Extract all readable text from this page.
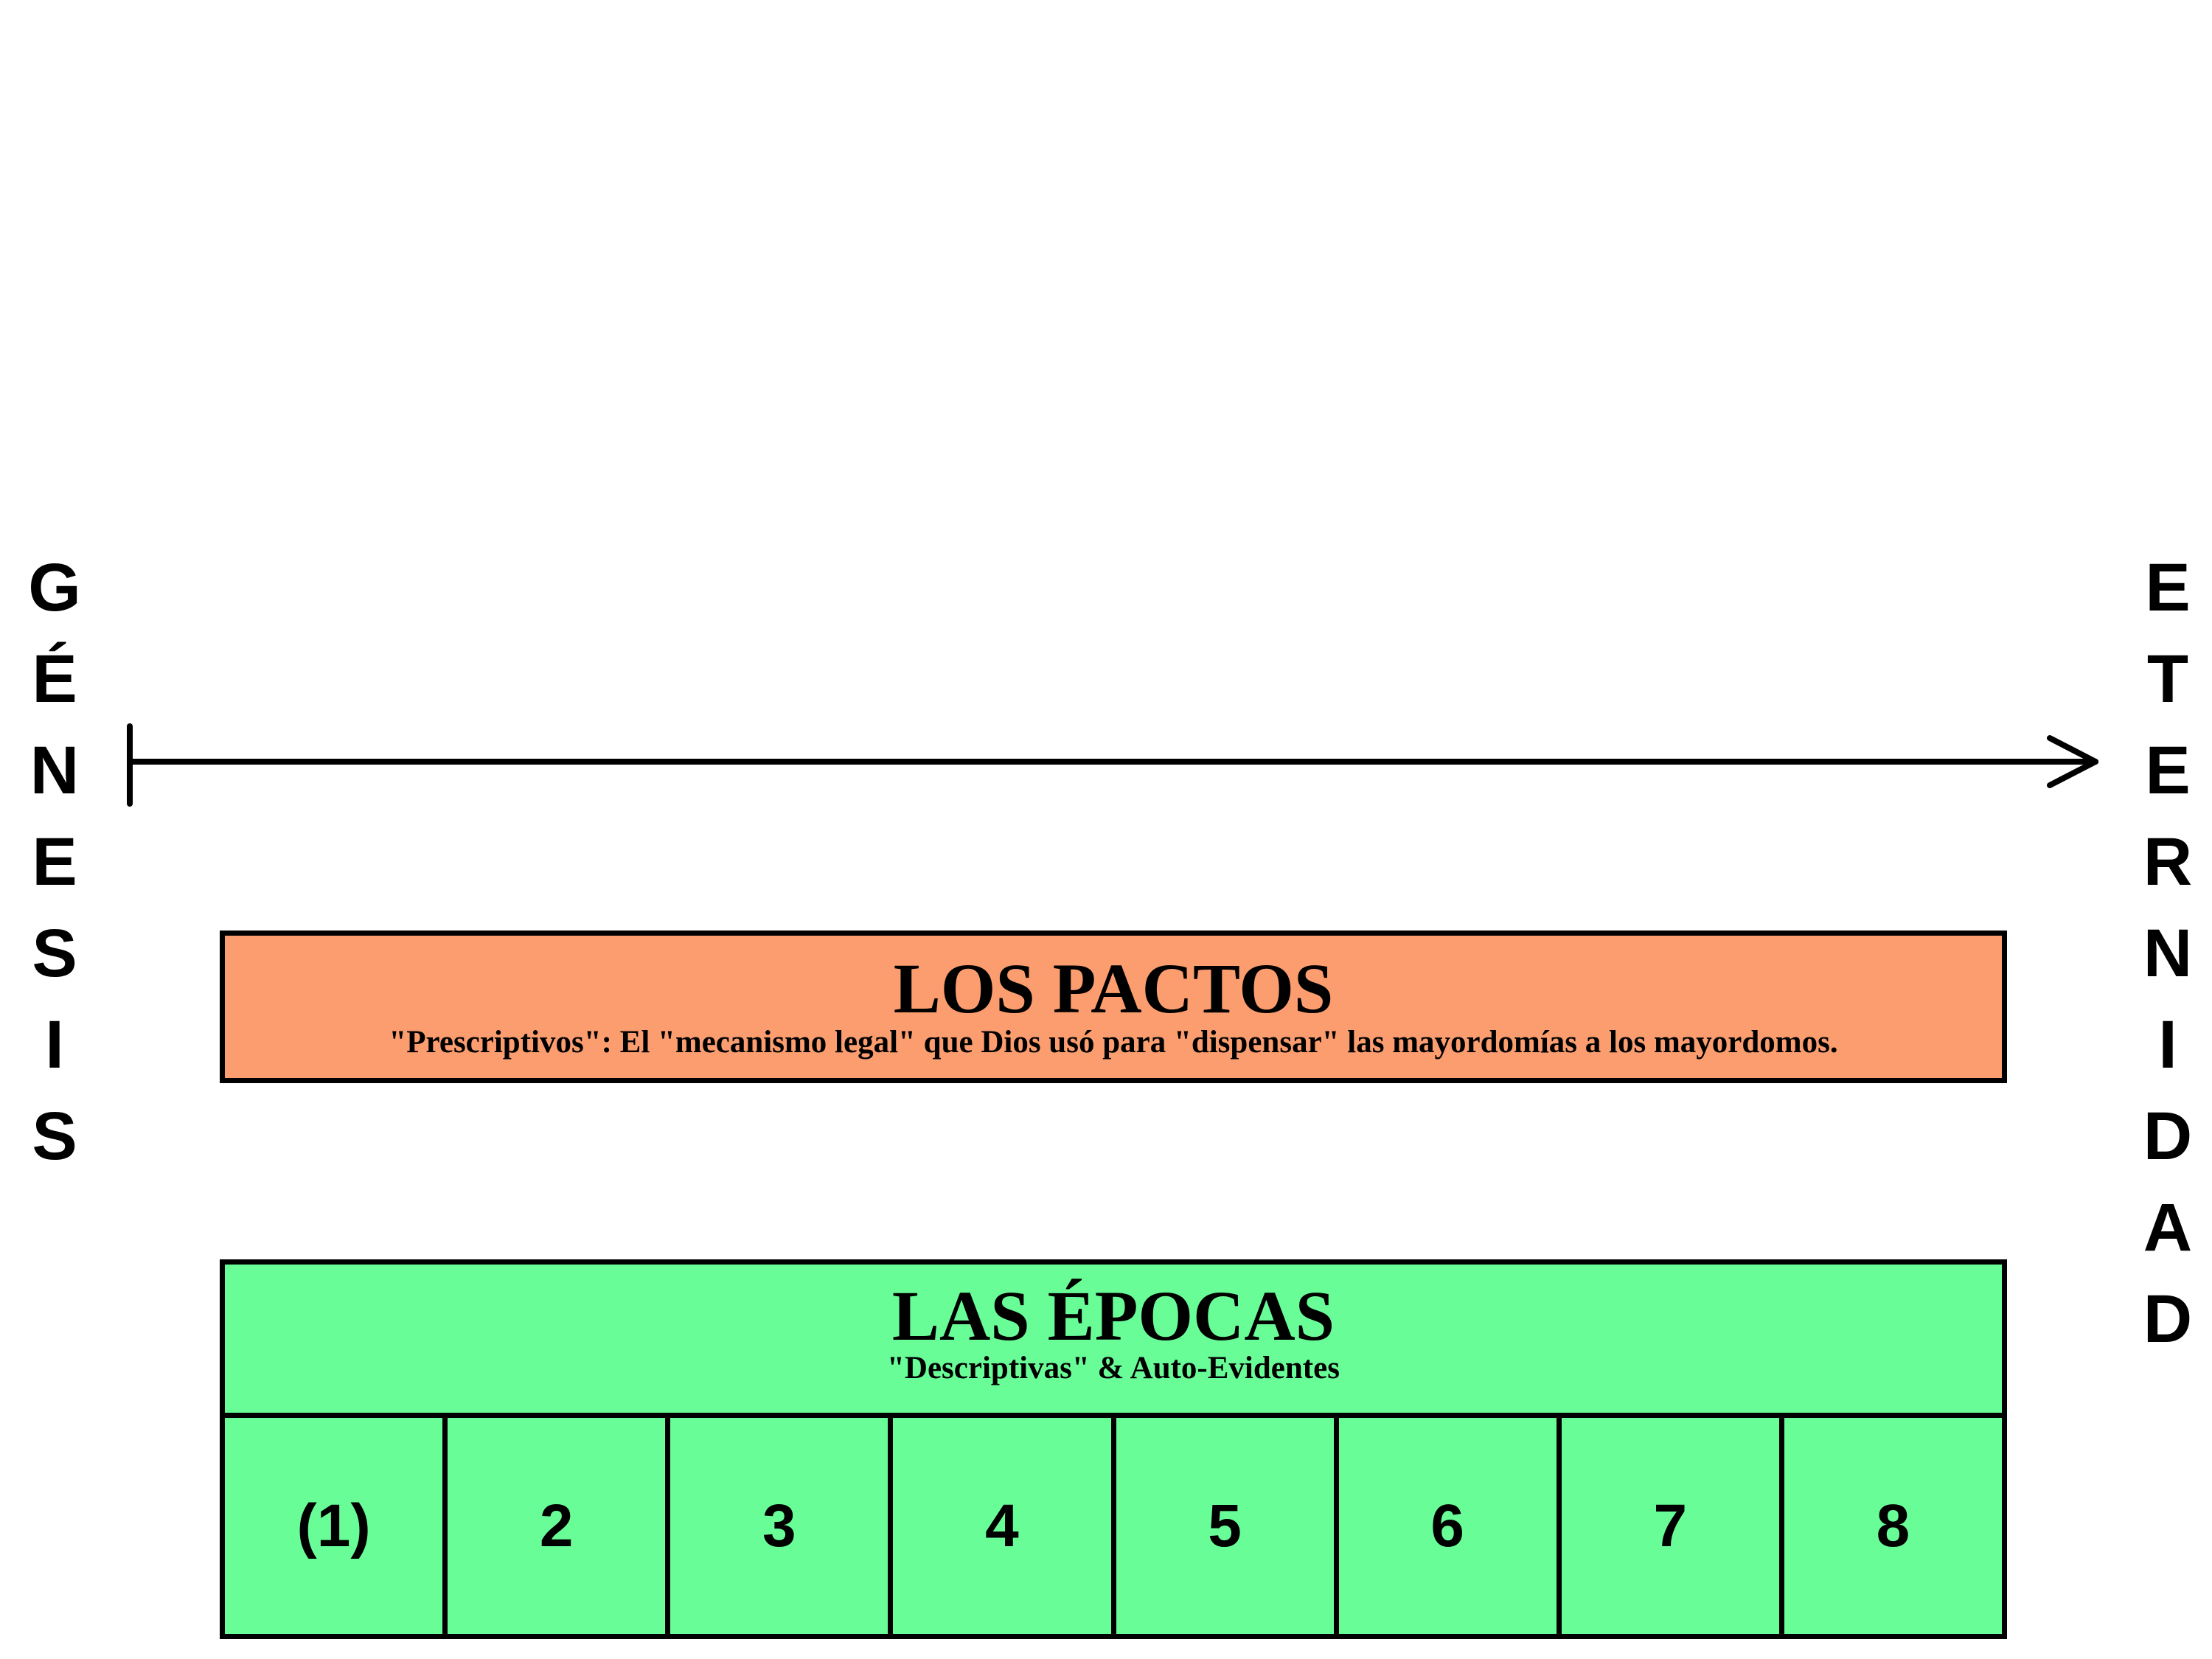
G
É
N
E
S
I
S
E
T
E
R
N
I
D
A
D
LOS PACTOS
"Prescriptivos": El "mecanismo legal" que Dios usó para "dispensar" las mayordomías a los mayordomos.
LAS ÉPOCAS
"Descriptivas" & Auto-Evidentes
(1)	2	3	4	5	6	7	8
